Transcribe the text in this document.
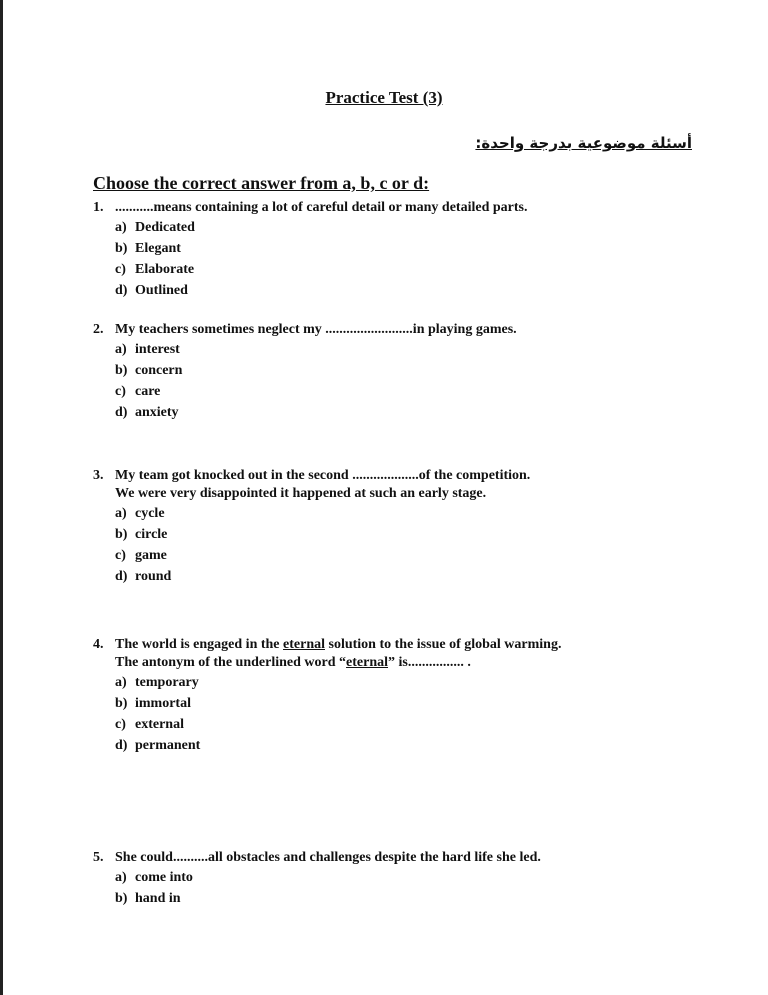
Practice Test (3)
أسئلة موضوعية بدرجة واحدة:
Choose the correct answer from a, b, c or d:
1. ...........means containing a lot of careful detail or many detailed parts.
a) Dedicated
b) Elegant
c) Elaborate
d) Outlined
2. My teachers sometimes neglect my .........................in playing games.
a) interest
b) concern
c) care
d) anxiety
3. My team got knocked out in the second ...................of the competition.
We were very disappointed it happened at such an early stage.
a) cycle
b) circle
c) game
d) round
4. The world is engaged in the eternal solution to the issue of global warming.
The antonym of the underlined word “eternal” is................ .
a) temporary
b) immortal
c) external
d) permanent
5. She could..........all obstacles and challenges despite the hard life she led.
a) come into
b) hand in
